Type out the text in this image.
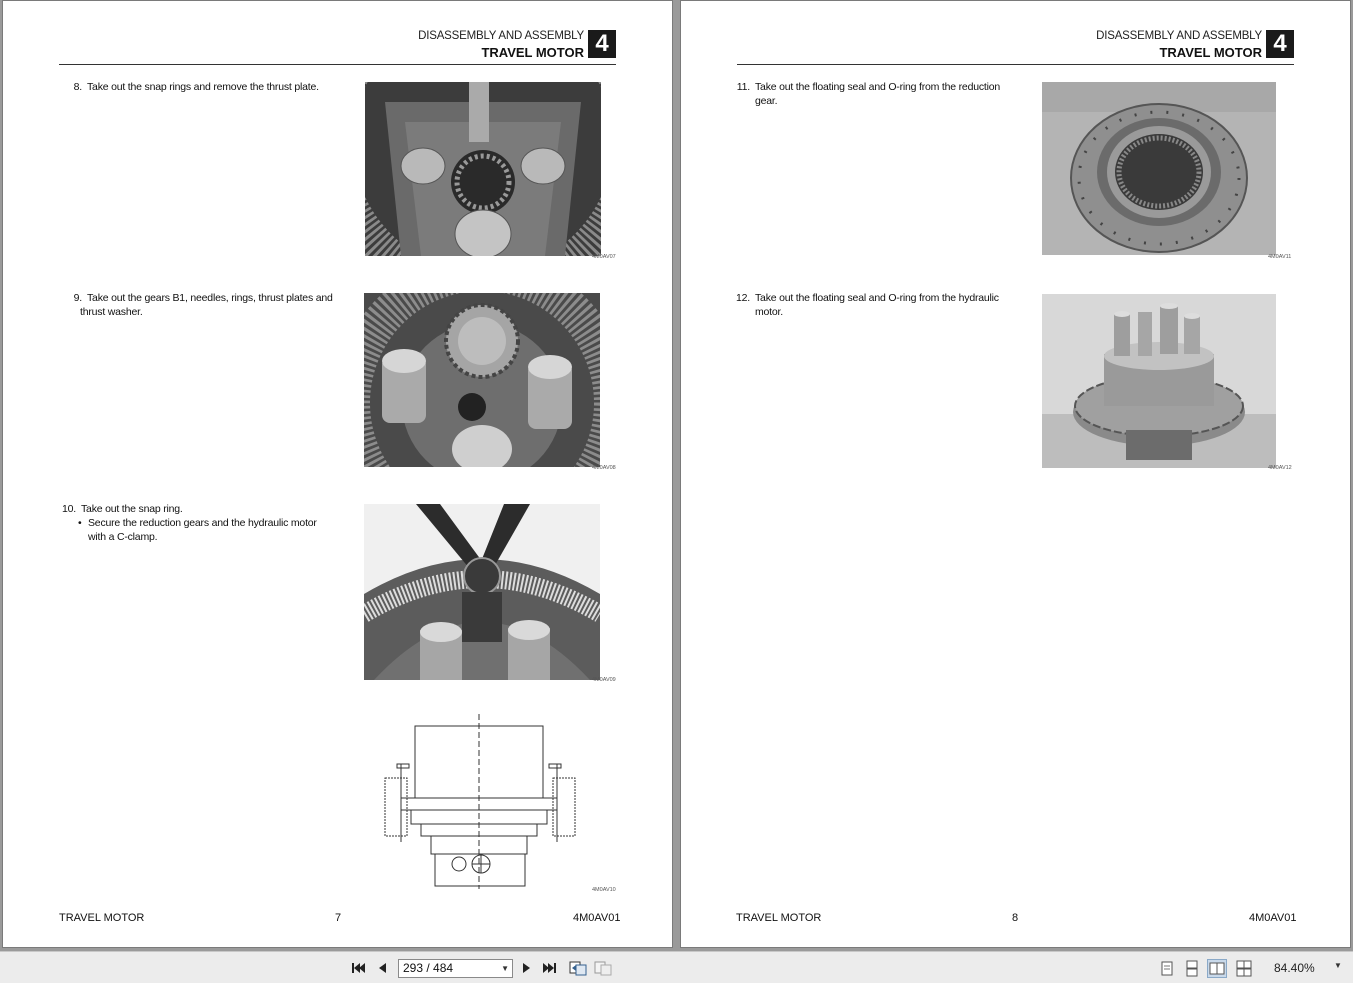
DISASSEMBLY AND ASSEMBLY
TRAVEL MOTOR 4
8. Take out the snap rings and remove the thrust plate.
4M0AV07
9. Take out the gears B1, needles, rings, thrust plates and
thrust washer.
4M0AV08
10. Take out the snap ring.
• Secure the reduction gears and the hydraulic motor
with a C-clamp.
4M0AV09
4M0AV10
TRAVEL MOTOR	7	4M0AV01
DISASSEMBLY AND ASSEMBLY
TRAVEL MOTOR 4
11. Take out the floating seal and O-ring from the reduction
gear.
4M0AV11
12. Take out the floating seal and O-ring from the hydraulic
motor.
4M0AV12
TRAVEL MOTOR	8	4M0AV01
293 / 484	▼	84.40% ▼
